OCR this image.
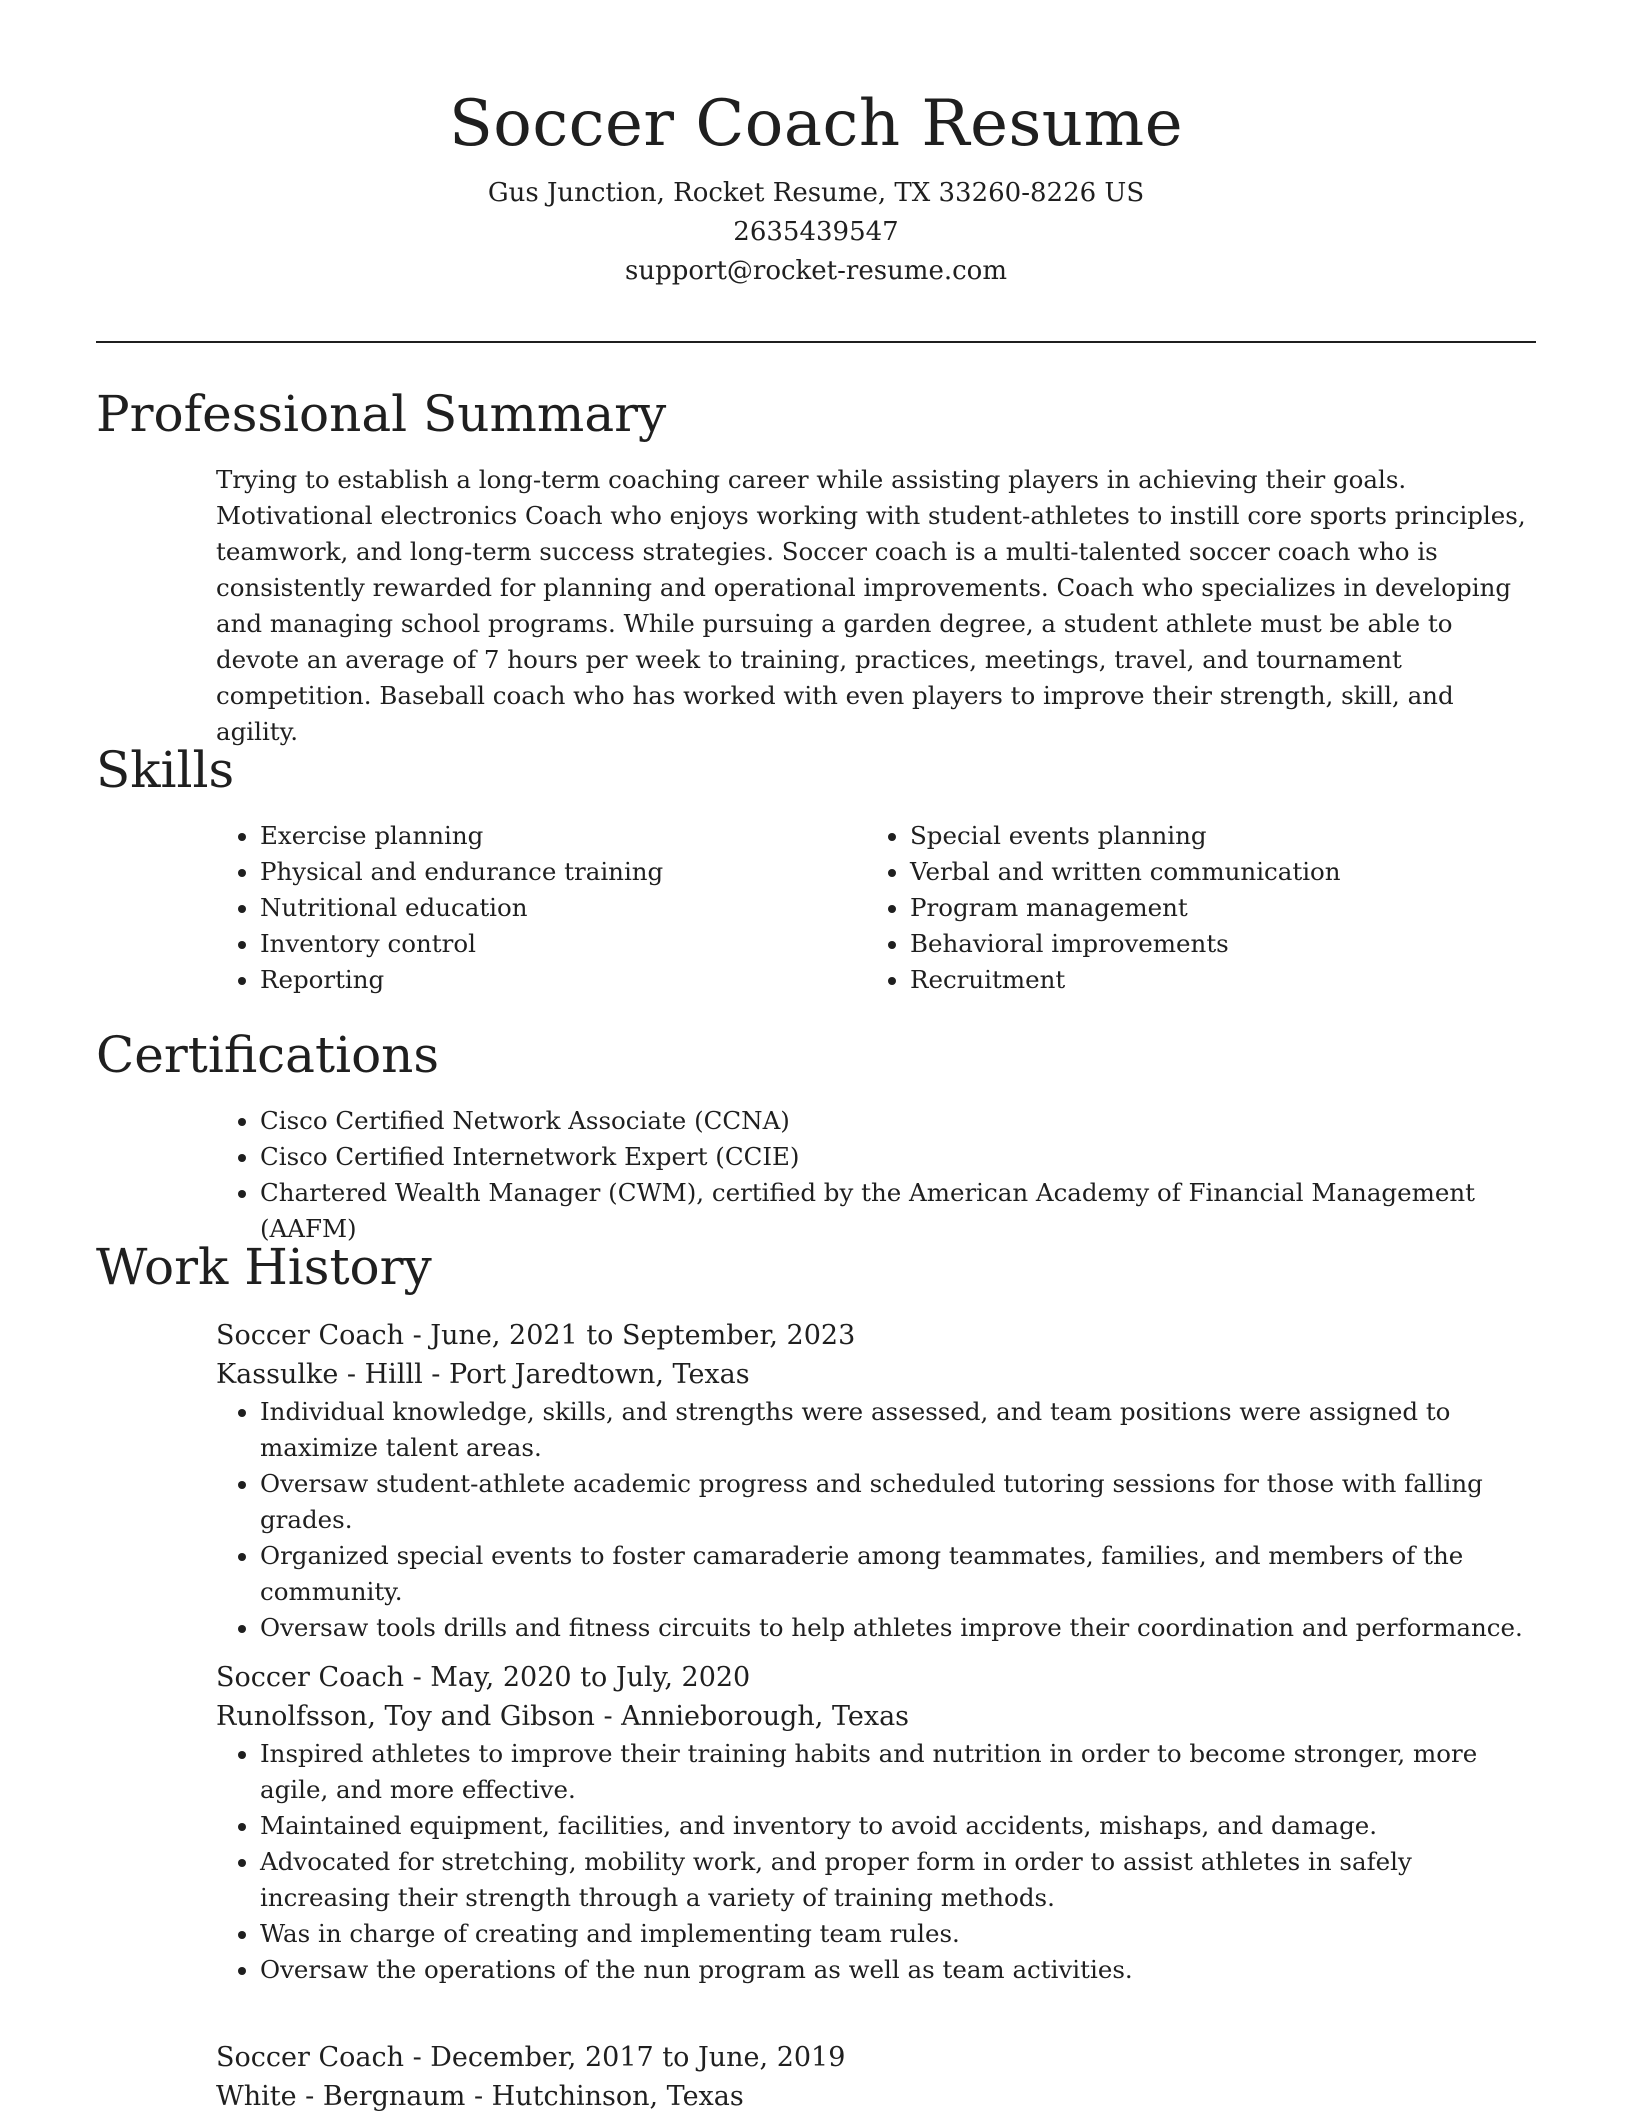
Soccer Coach Resume

Gus Junction, Rocket Resume, TX 33260-8226 US

2635439547

support@rocket-resume.com

Professional Summary

Trying to establish a long-term coaching career while assisting players in achieving their goals. Motivational electronics Coach who enjoys working with student-athletes to instill core sports principles, teamwork, and long-term success strategies. Soccer coach is a multi-talented soccer coach who is consistently rewarded for planning and operational improvements. Coach who specializes in developing and managing school programs. While pursuing a garden degree, a student athlete must be able to devote an average of 7 hours per week to training, practices, meetings, travel, and tournament competition. Baseball coach who has worked with even players to improve their strength, skill, and agility.

Skills
• Exercise planning
• Physical and endurance training
• Nutritional education
• Inventory control
• Reporting
• Special events planning
• Verbal and written communication
• Program management
• Behavioral improvements
• Recruitment
Certifications
• Cisco Certified Network Associate (CCNA)
• Cisco Certified Internetwork Expert (CCIE)
• Chartered Wealth Manager (CWM), certified by the American Academy of Financial Management (AAFM)
Work History

Soccer Coach - June, 2021 to September, 2023

Kassulke - Hilll - Port Jaredtown, Texas

• Individual knowledge, skills, and strengths were assessed, and team positions were assigned to maximize talent areas.
• Oversaw student-athlete academic progress and scheduled tutoring sessions for those with falling grades.
• Organized special events to foster camaraderie among teammates, families, and members of the community.
• Oversaw tools drills and fitness circuits to help athletes improve their coordination and performance.

Soccer Coach - May, 2020 to July, 2020

Runolfsson, Toy and Gibson - Annieborough, Texas

• Inspired athletes to improve their training habits and nutrition in order to become stronger, more agile, and more effective.
• Maintained equipment, facilities, and inventory to avoid accidents, mishaps, and damage.
• Advocated for stretching, mobility work, and proper form in order to assist athletes in safely increasing their strength through a variety of training methods.
• Was in charge of creating and implementing team rules.
• Oversaw the operations of the nun program as well as team activities.

Soccer Coach - December, 2017 to June, 2019

White - Bergnaum - Hutchinson, Texas
